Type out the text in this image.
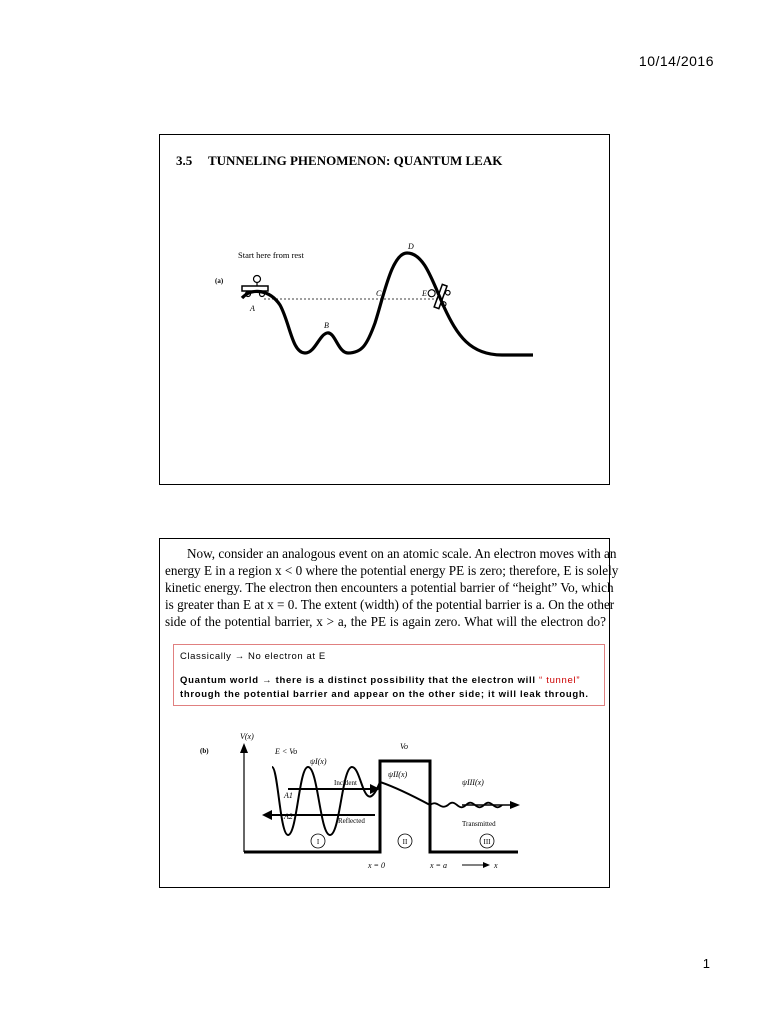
10/14/2016
3.5 TUNNELING PHENOMENON: QUANTUM LEAK
(a)
Start here from rest
A
B
C
D
E
Now, consider an analogous event on an atomic scale. An electron moves with an
energy E in a region x < 0 where the potential energy PE is zero; therefore, E is solely
kinetic energy. The electron then encounters a potential barrier of “height” Vo, which
is greater than E at x = 0. The extent (width) of the potential barrier is a. On the other
side of the potential barrier, x > a, the PE is again zero. What will the electron do?
Classically → No electron at E
Quantum world → there is a distinct possibility that the electron will “ tunnel” through the potential barrier and appear on the other side; it will leak through.
(b)
V(x)
E < Vo
Vo
Incident
Reflected	Transmitted
ψI(x)
ψII(x)
ψIII(x)
A1
A2
I	II	III
x = 0	x = a	x
1
